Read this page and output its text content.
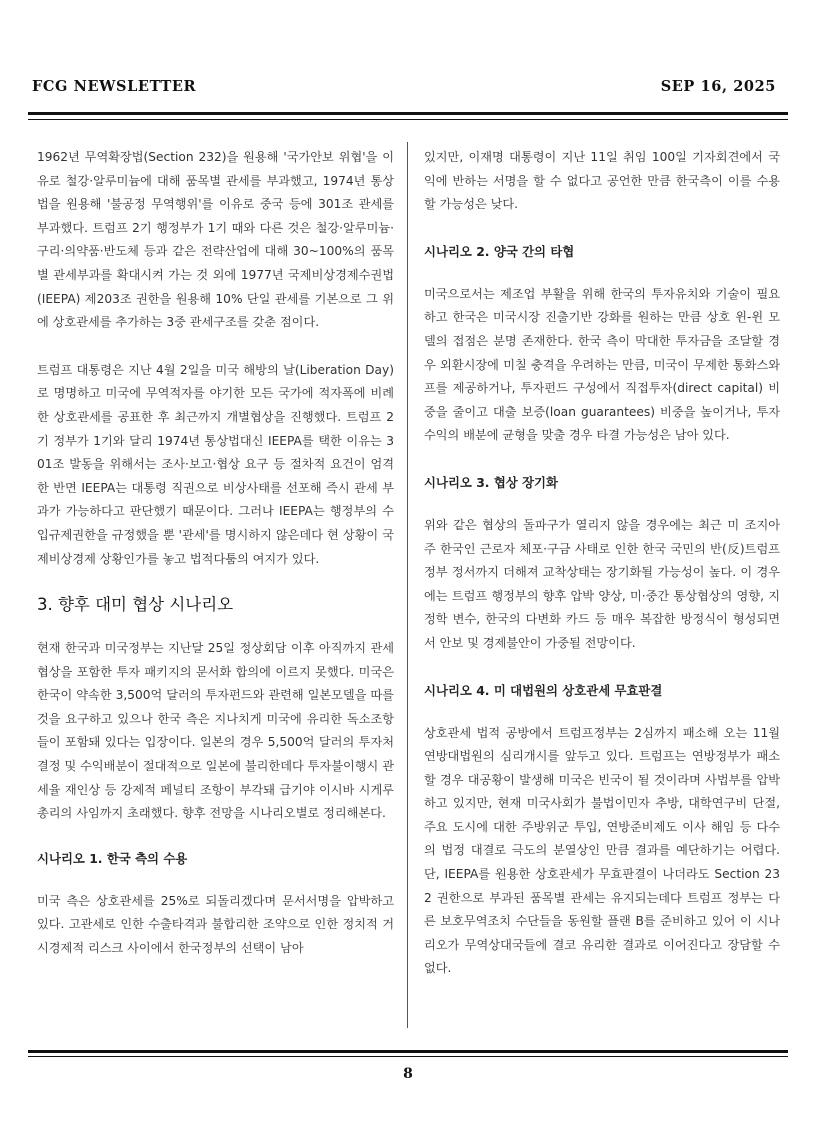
FCG NEWSLETTER	SEP 16, 2025

1962년 무역확장법(Section 232)을 원용해 '국가안보 위협'을 이유로 철강·알루미늄에 대해 품목별 관세를 부과했고, 1974년 통상법을 원용해 '불공정 무역행위'를 이유로 중국 등에 301조 관세를 부과했다. 트럼프 2기 행정부가 1기 때와 다른 것은 철강·알루미늄·구리·의약품·반도체 등과 같은 전략산업에 대해 30~100%의 품목별 관세부과를 확대시켜 가는 것 외에 1977년 국제비상경제수권법(IEEPA) 제203조 권한을 원용해 10% 단일 관세를 기본으로 그 위에 상호관세를 추가하는 3중 관세구조를 갖춘 점이다.

트럼프 대통령은 지난 4월 2일을 미국 해방의 날(Liberation Day)로 명명하고 미국에 무역적자를 야기한 모든 국가에 적자폭에 비례한 상호관세를 공표한 후 최근까지 개별협상을 진행했다. 트럼프 2기 정부가 1기와 달리 1974년 통상법대신 IEEPA를 택한 이유는 301조 발동을 위해서는 조사·보고·협상 요구 등 절차적 요건이 엄격한 반면 IEEPA는 대통령 직권으로 비상사태를 선포해 즉시 관세 부과가 가능하다고 판단했기 때문이다. 그러나 IEEPA는 행정부의 수입규제권한을 규정했을 뿐 '관세'를 명시하지 않은데다 현 상황이 국제비상경제 상황인가를 놓고 법적다툼의 여지가 있다.

3. 향후 대미 협상 시나리오

현재 한국과 미국정부는 지난달 25일 정상회담 이후 아직까지 관세협상을 포함한 투자 패키지의 문서화 합의에 이르지 못했다. 미국은 한국이 약속한 3,500억 달러의 투자펀드와 관련해 일본모델을 따를 것을 요구하고 있으나 한국 측은 지나치게 미국에 유리한 독소조항들이 포함돼 있다는 입장이다. 일본의 경우 5,500억 달러의 투자처 결정 및 수익배분이 절대적으로 일본에 불리한데다 투자불이행시 관세율 재인상 등 강제적 페널티 조항이 부각돼 급기야 이시바 시게루 총리의 사임까지 초래했다. 향후 전망을 시나리오별로 정리해본다.

시나리오 1. 한국 측의 수용

미국 측은 상호관세를 25%로 되돌리겠다며 문서서명을 압박하고 있다. 고관세로 인한 수출타격과 불합리한 조약으로 인한 정치적 거시경제적 리스크 사이에서 한국정부의 선택이 남아

있지만, 이재명 대통령이 지난 11일 취임 100일 기자회견에서 국익에 반하는 서명을 할 수 없다고 공언한 만큼 한국측이 이를 수용할 가능성은 낮다.

시나리오 2. 양국 간의 타협

미국으로서는 제조업 부활을 위해 한국의 투자유치와 기술이 필요하고 한국은 미국시장 진출기반 강화를 원하는 만큼 상호 윈-윈 모델의 접점은 분명 존재한다. 한국 측이 막대한 투자금을 조달할 경우 외환시장에 미칠 충격을 우려하는 만큼, 미국이 무제한 통화스와프를 제공하거나, 투자펀드 구성에서 직접투자(direct capital) 비중을 줄이고 대출 보증(loan guarantees) 비중을 높이거나, 투자수익의 배분에 균형을 맞출 경우 타결 가능성은 남아 있다.

시나리오 3. 협상 장기화

위와 같은 협상의 돌파구가 열리지 않을 경우에는 최근 미 조지아 주 한국인 근로자 체포·구금 사태로 인한 한국 국민의 반(反)트럼프정부 정서까지 더해져 교착상태는 장기화될 가능성이 높다. 이 경우에는 트럼프 행정부의 향후 압박 양상, 미·중간 통상협상의 영향, 지정학 변수, 한국의 다변화 카드 등 매우 복잡한 방정식이 형성되면서 안보 및 경제불안이 가중될 전망이다.

시나리오 4. 미 대법원의 상호관세 무효판결

상호관세 법적 공방에서 트럼프정부는 2심까지 패소해 오는 11월 연방대법원의 심리개시를 앞두고 있다. 트럼프는 연방정부가 패소할 경우 대공황이 발생해 미국은 빈국이 될 것이라며 사법부를 압박하고 있지만, 현재 미국사회가 불법이민자 추방, 대학연구비 단절, 주요 도시에 대한 주방위군 투입, 연방준비제도 이사 해임 등 다수의 법정 대결로 극도의 분열상인 만큼 결과를 예단하기는 어렵다. 단, IEEPA를 원용한 상호관세가 무효판결이 나더라도 Section 232 권한으로 부과된 품목별 관세는 유지되는데다 트럼프 정부는 다른 보호무역조치 수단들을 동원할 플랜 B를 준비하고 있어 이 시나리오가 무역상대국들에 결코 유리한 결과로 이어진다고 장담할 수 없다.

8
